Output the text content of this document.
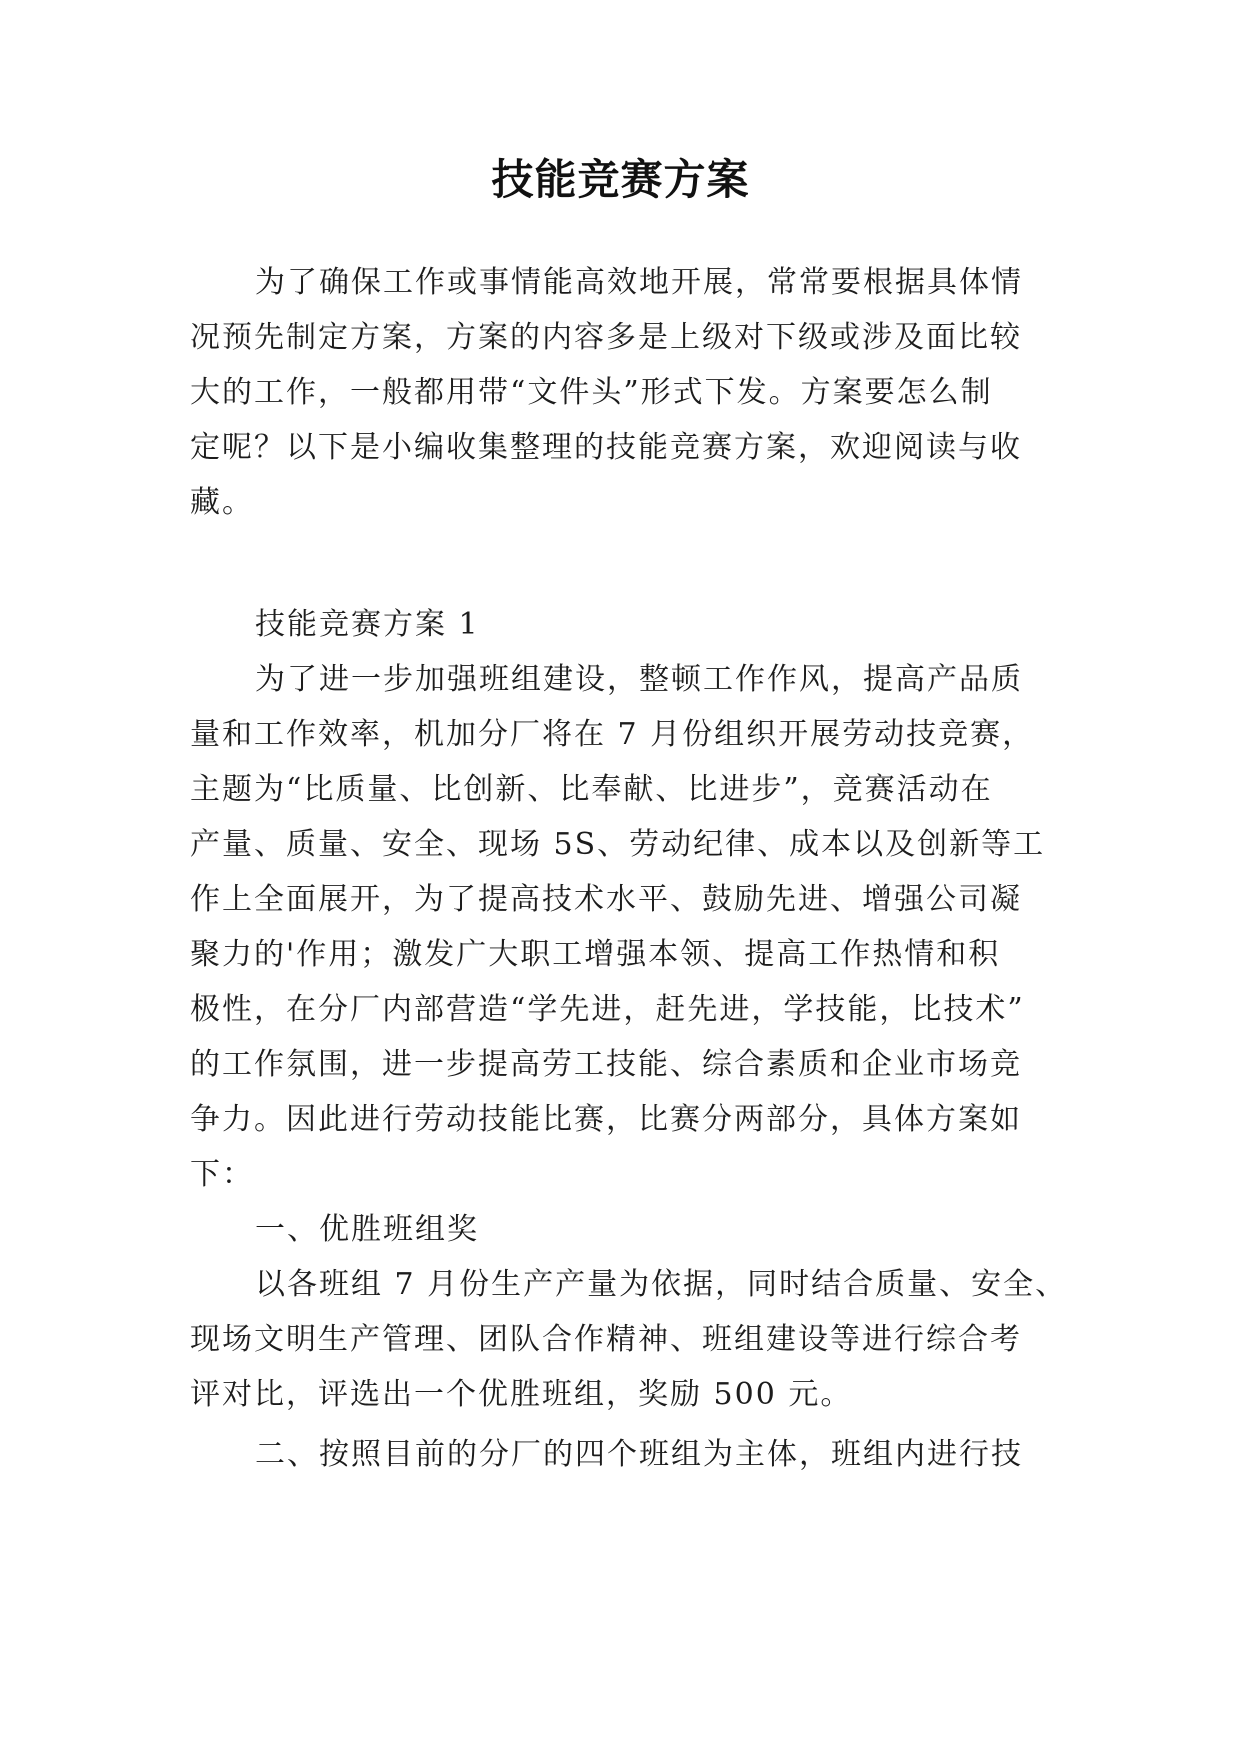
技能竞赛方案
为了确保工作或事情能高效地开展，常常要根据具体情
况预先制定方案，方案的内容多是上级对下级或涉及面比较
大的工作，一般都用带“文件头”形式下发。方案要怎么制
定呢？以下是小编收集整理的技能竞赛方案，欢迎阅读与收
藏。
技能竞赛方案 1
为了进一步加强班组建设，整顿工作作风，提高产品质
量和工作效率，机加分厂将在 7 月份组织开展劳动技竞赛，
主题为“比质量、比创新、比奉献、比进步”，竞赛活动在
产量、质量、安全、现场 5S、劳动纪律、成本以及创新等工
作上全面展开，为了提高技术水平、鼓励先进、增强公司凝
聚力的'作用；激发广大职工增强本领、提高工作热情和积
极性，在分厂内部营造“学先进，赶先进，学技能，比技术”
的工作氛围，进一步提高劳工技能、综合素质和企业市场竞
争力。因此进行劳动技能比赛，比赛分两部分，具体方案如
下：
一、优胜班组奖
以各班组 7 月份生产产量为依据，同时结合质量、安全、
现场文明生产管理、团队合作精神、班组建设等进行综合考
评对比，评选出一个优胜班组，奖励 500 元。
二、按照目前的分厂的四个班组为主体，班组内进行技
